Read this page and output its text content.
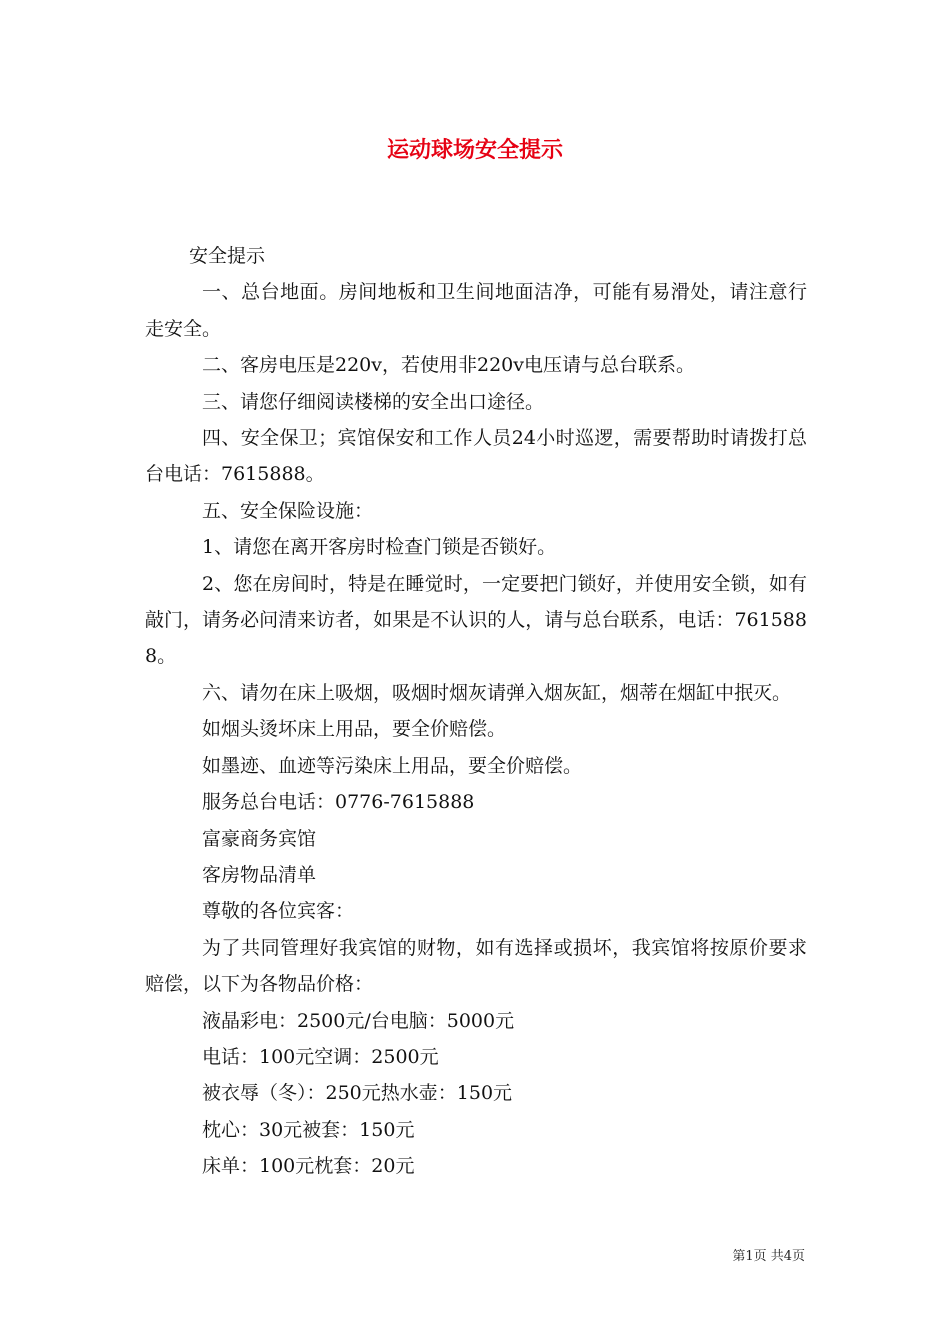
运动球场安全提示

安全提示

一、总台地面。房间地板和卫生间地面洁净，可能有易滑处，请注意行走安全。

二、客房电压是220v，若使用非220v电压请与总台联系。

三、请您仔细阅读楼梯的安全出口途径。

四、安全保卫；宾馆保安和工作人员24小时巡逻，需要帮助时请拨打总台电话：7615888。

五、安全保险设施：

1、请您在离开客房时检查门锁是否锁好。

2、您在房间时，特是在睡觉时，一定要把门锁好，并使用安全锁，如有敲门，请务必问清来访者，如果是不认识的人，请与总台联系，电话：7615888。

六、请勿在床上吸烟，吸烟时烟灰请弹入烟灰缸，烟蒂在烟缸中抿灭。

如烟头烫坏床上用品，要全价赔偿。

如墨迹、血迹等污染床上用品，要全价赔偿。

服务总台电话：0776-7615888

富豪商务宾馆

客房物品清单

尊敬的各位宾客：

为了共同管理好我宾馆的财物，如有选择或损坏，我宾馆将按原价要求赔偿，以下为各物品价格：

液晶彩电：2500元/台电脑：5000元

电话：100元空调：2500元

被衣辱（冬）：250元热水壶：150元

枕心：30元被套：150元

床单：100元枕套：20元

第1页 共4页
